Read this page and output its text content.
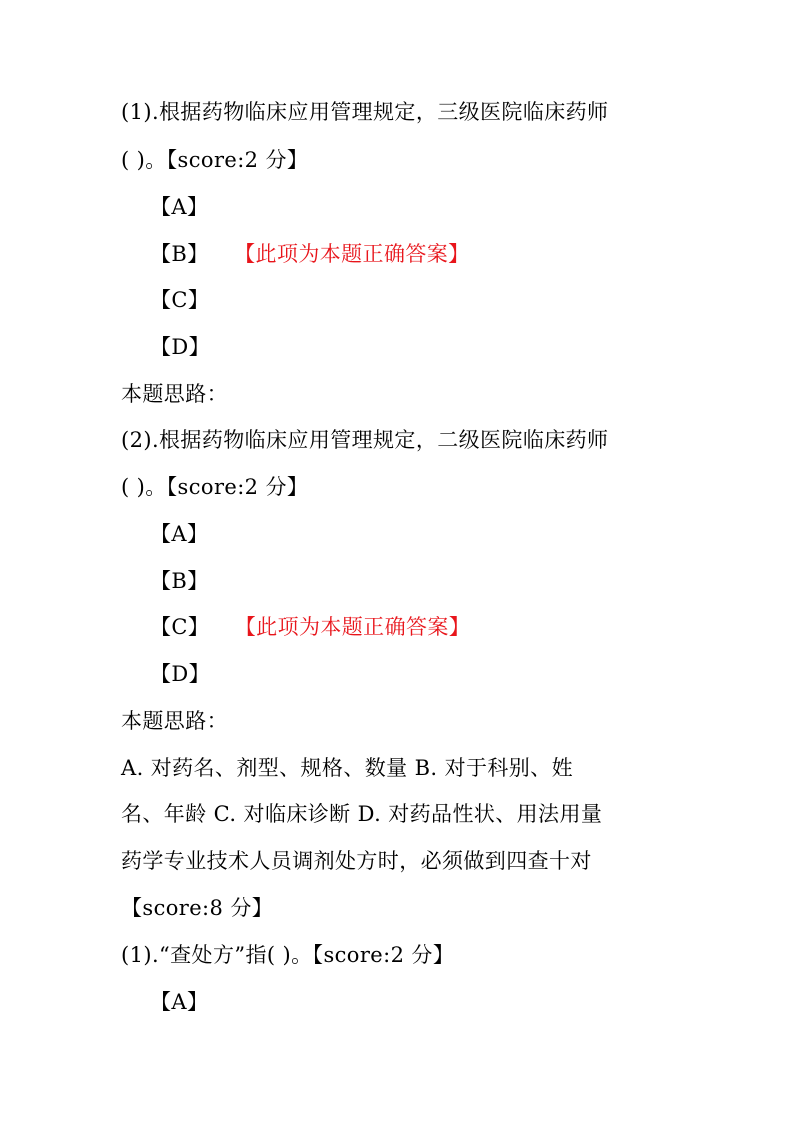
(1).根据药物临床应用管理规定，三级医院临床药师
( )。【score:2 分】
【A】
【B】 【此项为本题正确答案】
【C】
【D】
本题思路：
(2).根据药物临床应用管理规定，二级医院临床药师
( )。【score:2 分】
【A】
【B】
【C】 【此项为本题正确答案】
【D】
本题思路：
A. 对药名、剂型、规格、数量 B. 对于科别、姓
名、年龄 C. 对临床诊断 D. 对药品性状、用法用量
药学专业技术人员调剂处方时，必须做到四查十对
【score:8 分】
(1).“查处方”指( )。【score:2 分】
【A】
